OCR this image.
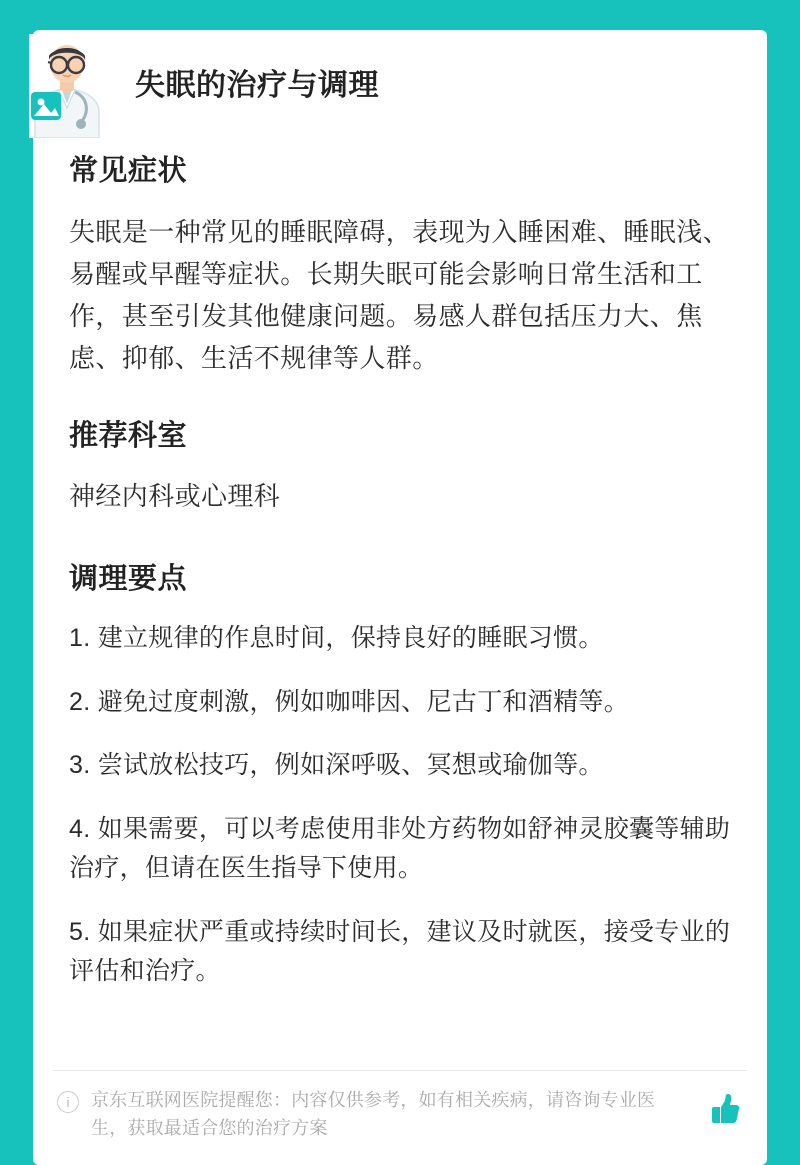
失眠的治疗与调理
常见症状

失眠是一种常见的睡眠障碍，表现为入睡困难、睡眠浅、易醒或早醒等症状。长期失眠可能会影响日常生活和工作，甚至引发其他健康问题。易感人群包括压力大、焦虑、抑郁、生活不规律等人群。

推荐科室
神经内科或心理科
调理要点
1. 建立规律的作息时间，保持良好的睡眠习惯。
2. 避免过度刺激，例如咖啡因、尼古丁和酒精等。
3. 尝试放松技巧，例如深呼吸、冥想或瑜伽等。
4. 如果需要，可以考虑使用非处方药物如舒神灵胶囊等辅助治疗，但请在医生指导下使用。
5. 如果症状严重或持续时间长，建议及时就医，接受专业的评估和治疗。
i	京东互联网医院提醒您：内容仅供参考，如有相关疾病，请咨询专业医生，获取最适合您的治疗方案
